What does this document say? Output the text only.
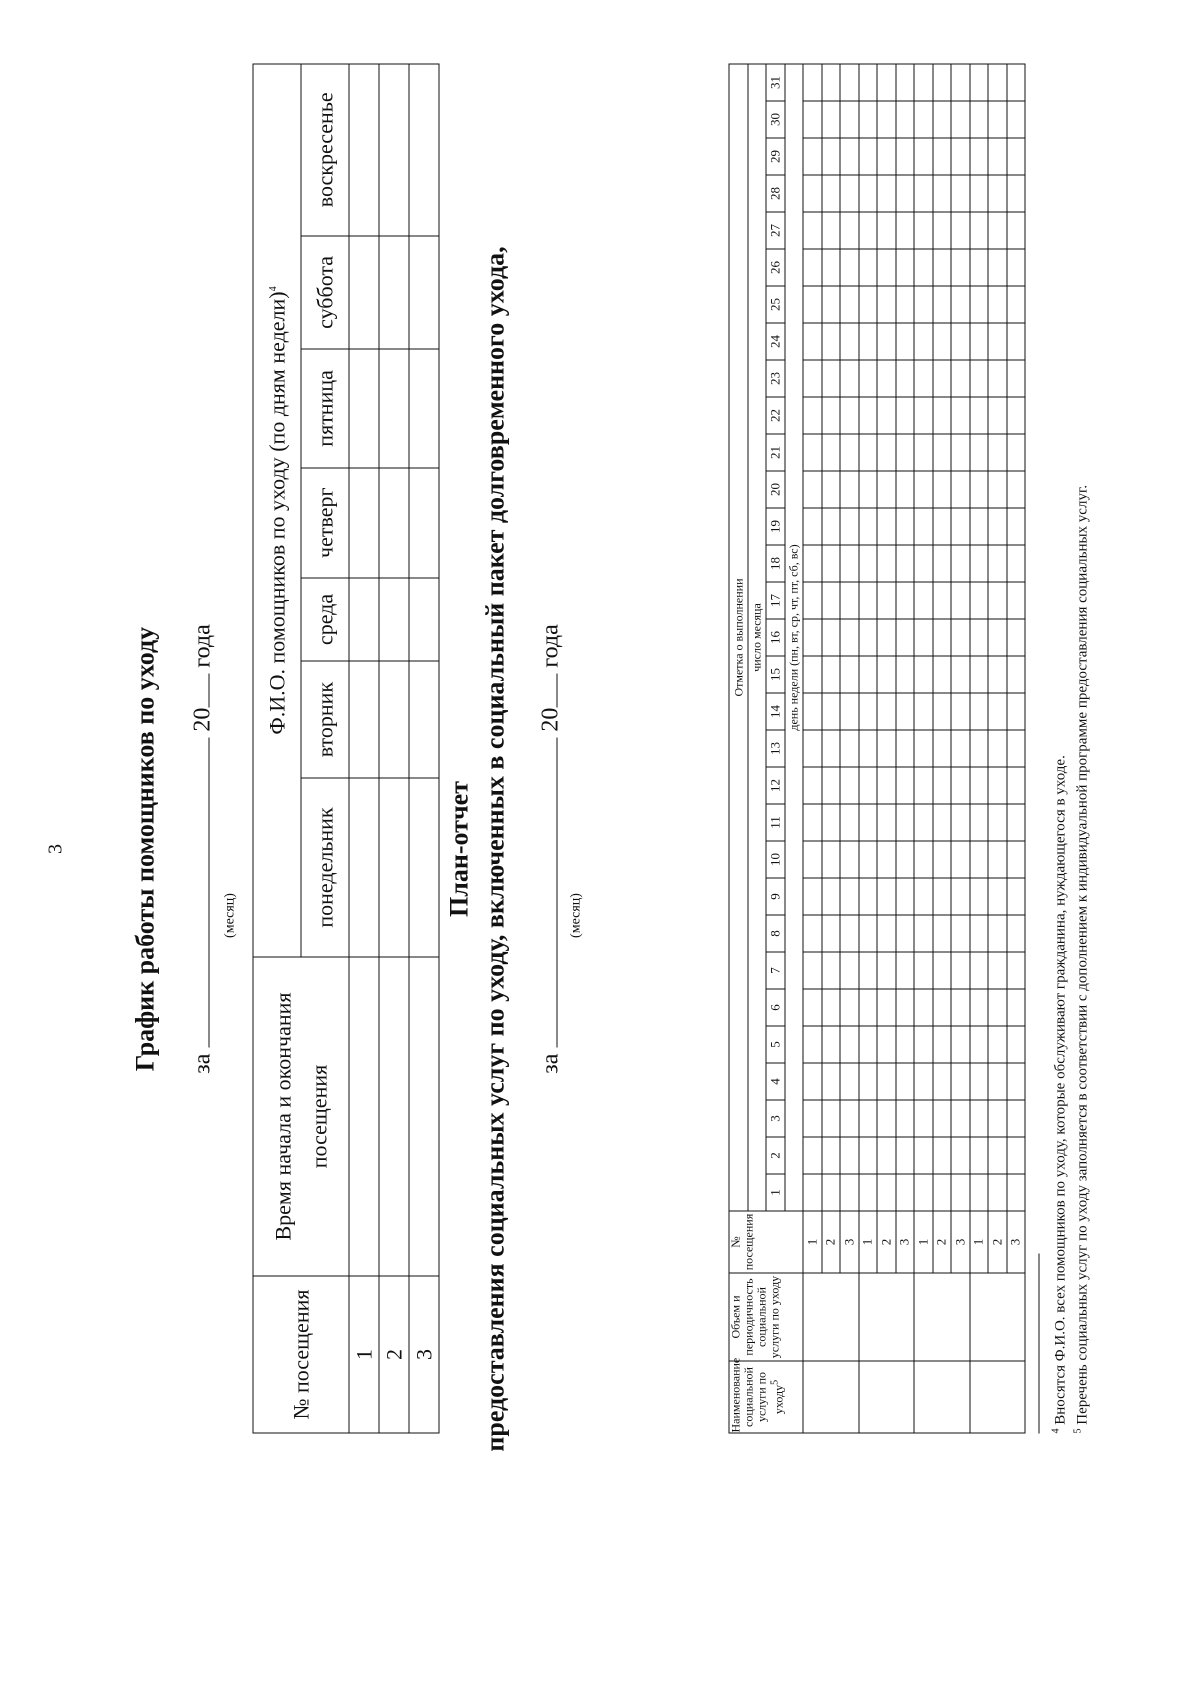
3 График работы помощников по уходу за  20 года
(месяц)
№ посещения	Время начала и окончания посещения	Ф.И.О. помощников по уходу (по дням недели)$^4$
		понедельник	вторник	среда	четверг	пятница	суббота	воскресенье
1								
2								
3								
План-отчет предоставления социальных услуг по уходу, включенных в социальный пакет долговременного ухода, за  20 года
(месяц)
Наименование социальной услуги по уходу$^5$	Объем и периодичность социальной услуги по уходу	№ посещения	Отметка о выполнении																														
			число месяца																														
			1	2	3	4	5	6	7	8	9	10	11	12	13	14	15	16	17	18	19	20	21	22	23	24	25	26	27	28	29	30	31
			день недели (пн, вт, ср, чт, пт, сб, вс)																														
		1																															
		2																															
		3																															
		1																															
		2																															
		3																															
		1																															
		2																															
		3																															
		1																															
		2																															
		3																															
$^4$ Вносятся Ф.И.О. всех помощников по уходу, которые обслуживают гражданина, нуждающегося в уходе.
$^5$ Перечень социальных услуг по уходу заполняется в соответствии с дополнением к индивидуальной программе предоставления социальных услуг.
